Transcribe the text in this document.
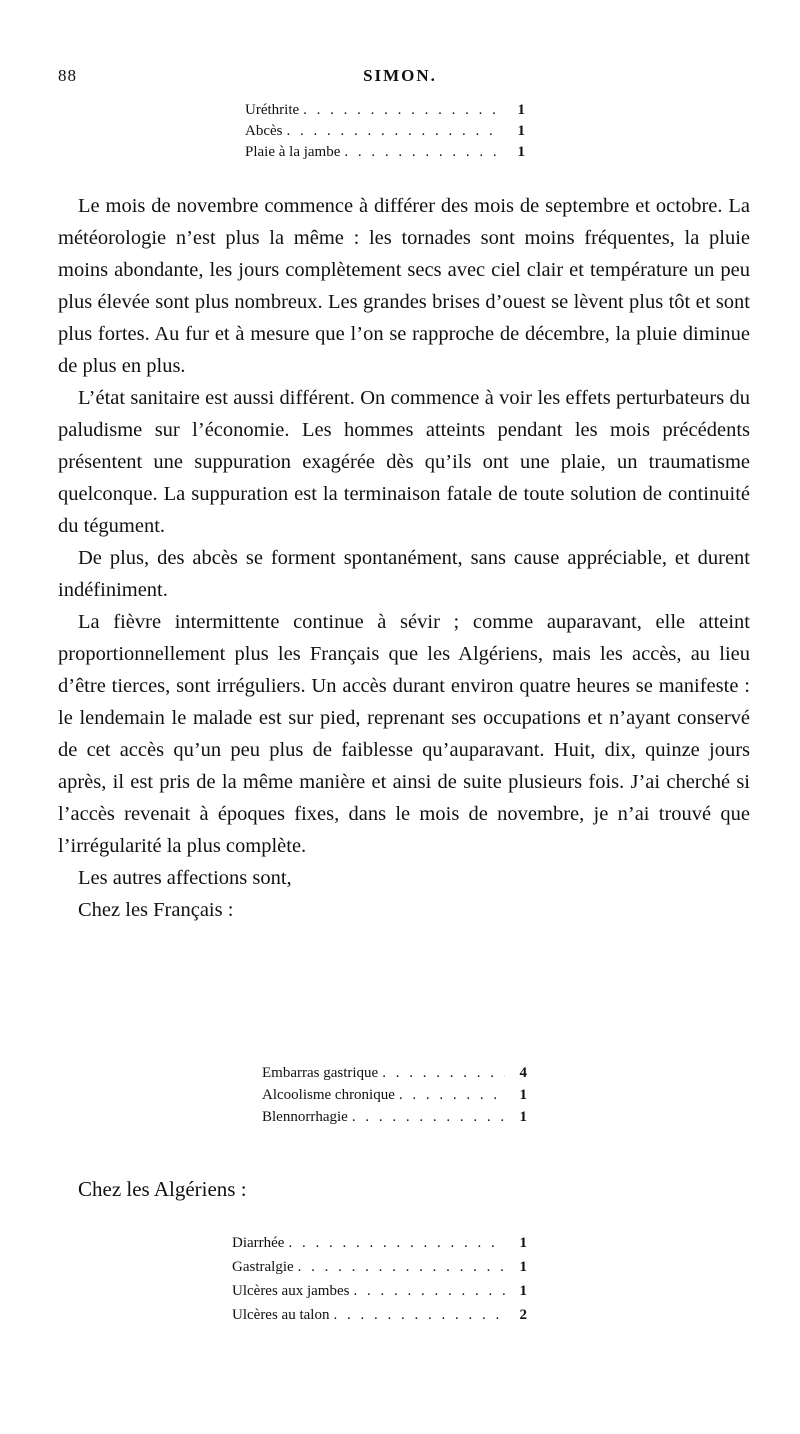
88	SIMON.
Uréthrite . . .	1
Abcès . . .	1
Plaie à la jambe . . .	1

Le mois de novembre commence à différer des mois de septembre et octobre. La météorologie n’est plus la même : les tornades sont moins fréquentes, la pluie moins abondante, les jours complètement secs avec ciel clair et température un peu plus élevée sont plus nombreux. Les grandes brises d’ouest se lèvent plus tôt et sont plus fortes. Au fur et à mesure que l’on se rapproche de décembre, la pluie diminue de plus en plus.

L’état sanitaire est aussi différent. On commence à voir les effets perturbateurs du paludisme sur l’économie. Les hommes atteints pendant les mois précédents présentent une suppuration exagérée dès qu’ils ont une plaie, un traumatisme quelconque. La suppuration est la terminaison fatale de toute solution de continuité du tégument.

De plus, des abcès se forment spontanément, sans cause appréciable, et durent indéfiniment.

La fièvre intermittente continue à sévir ; comme auparavant, elle atteint proportionnellement plus les Français que les Algériens, mais les accès, au lieu d’être tierces, sont irréguliers. Un accès durant environ quatre heures se manifeste : le lendemain le malade est sur pied, reprenant ses occupations et n’ayant conservé de cet accès qu’un peu plus de faiblesse qu’auparavant. Huit, dix, quinze jours après, il est pris de la même manière et ainsi de suite plusieurs fois. J’ai cherché si l’accès revenait à époques fixes, dans le mois de novembre, je n’ai trouvé que l’irrégularité la plus complète.

Les autres affections sont,

Chez les Français :

Embarras gastrique . . .	4
Alcoolisme chronique . . .	1
Blennorrhagie . . .	1
Chez les Algériens :
Diarrhée . . .	1
Gastralgie . . .	1
Ulcères aux jambes . . .	1
Ulcères au talon . . .	2
